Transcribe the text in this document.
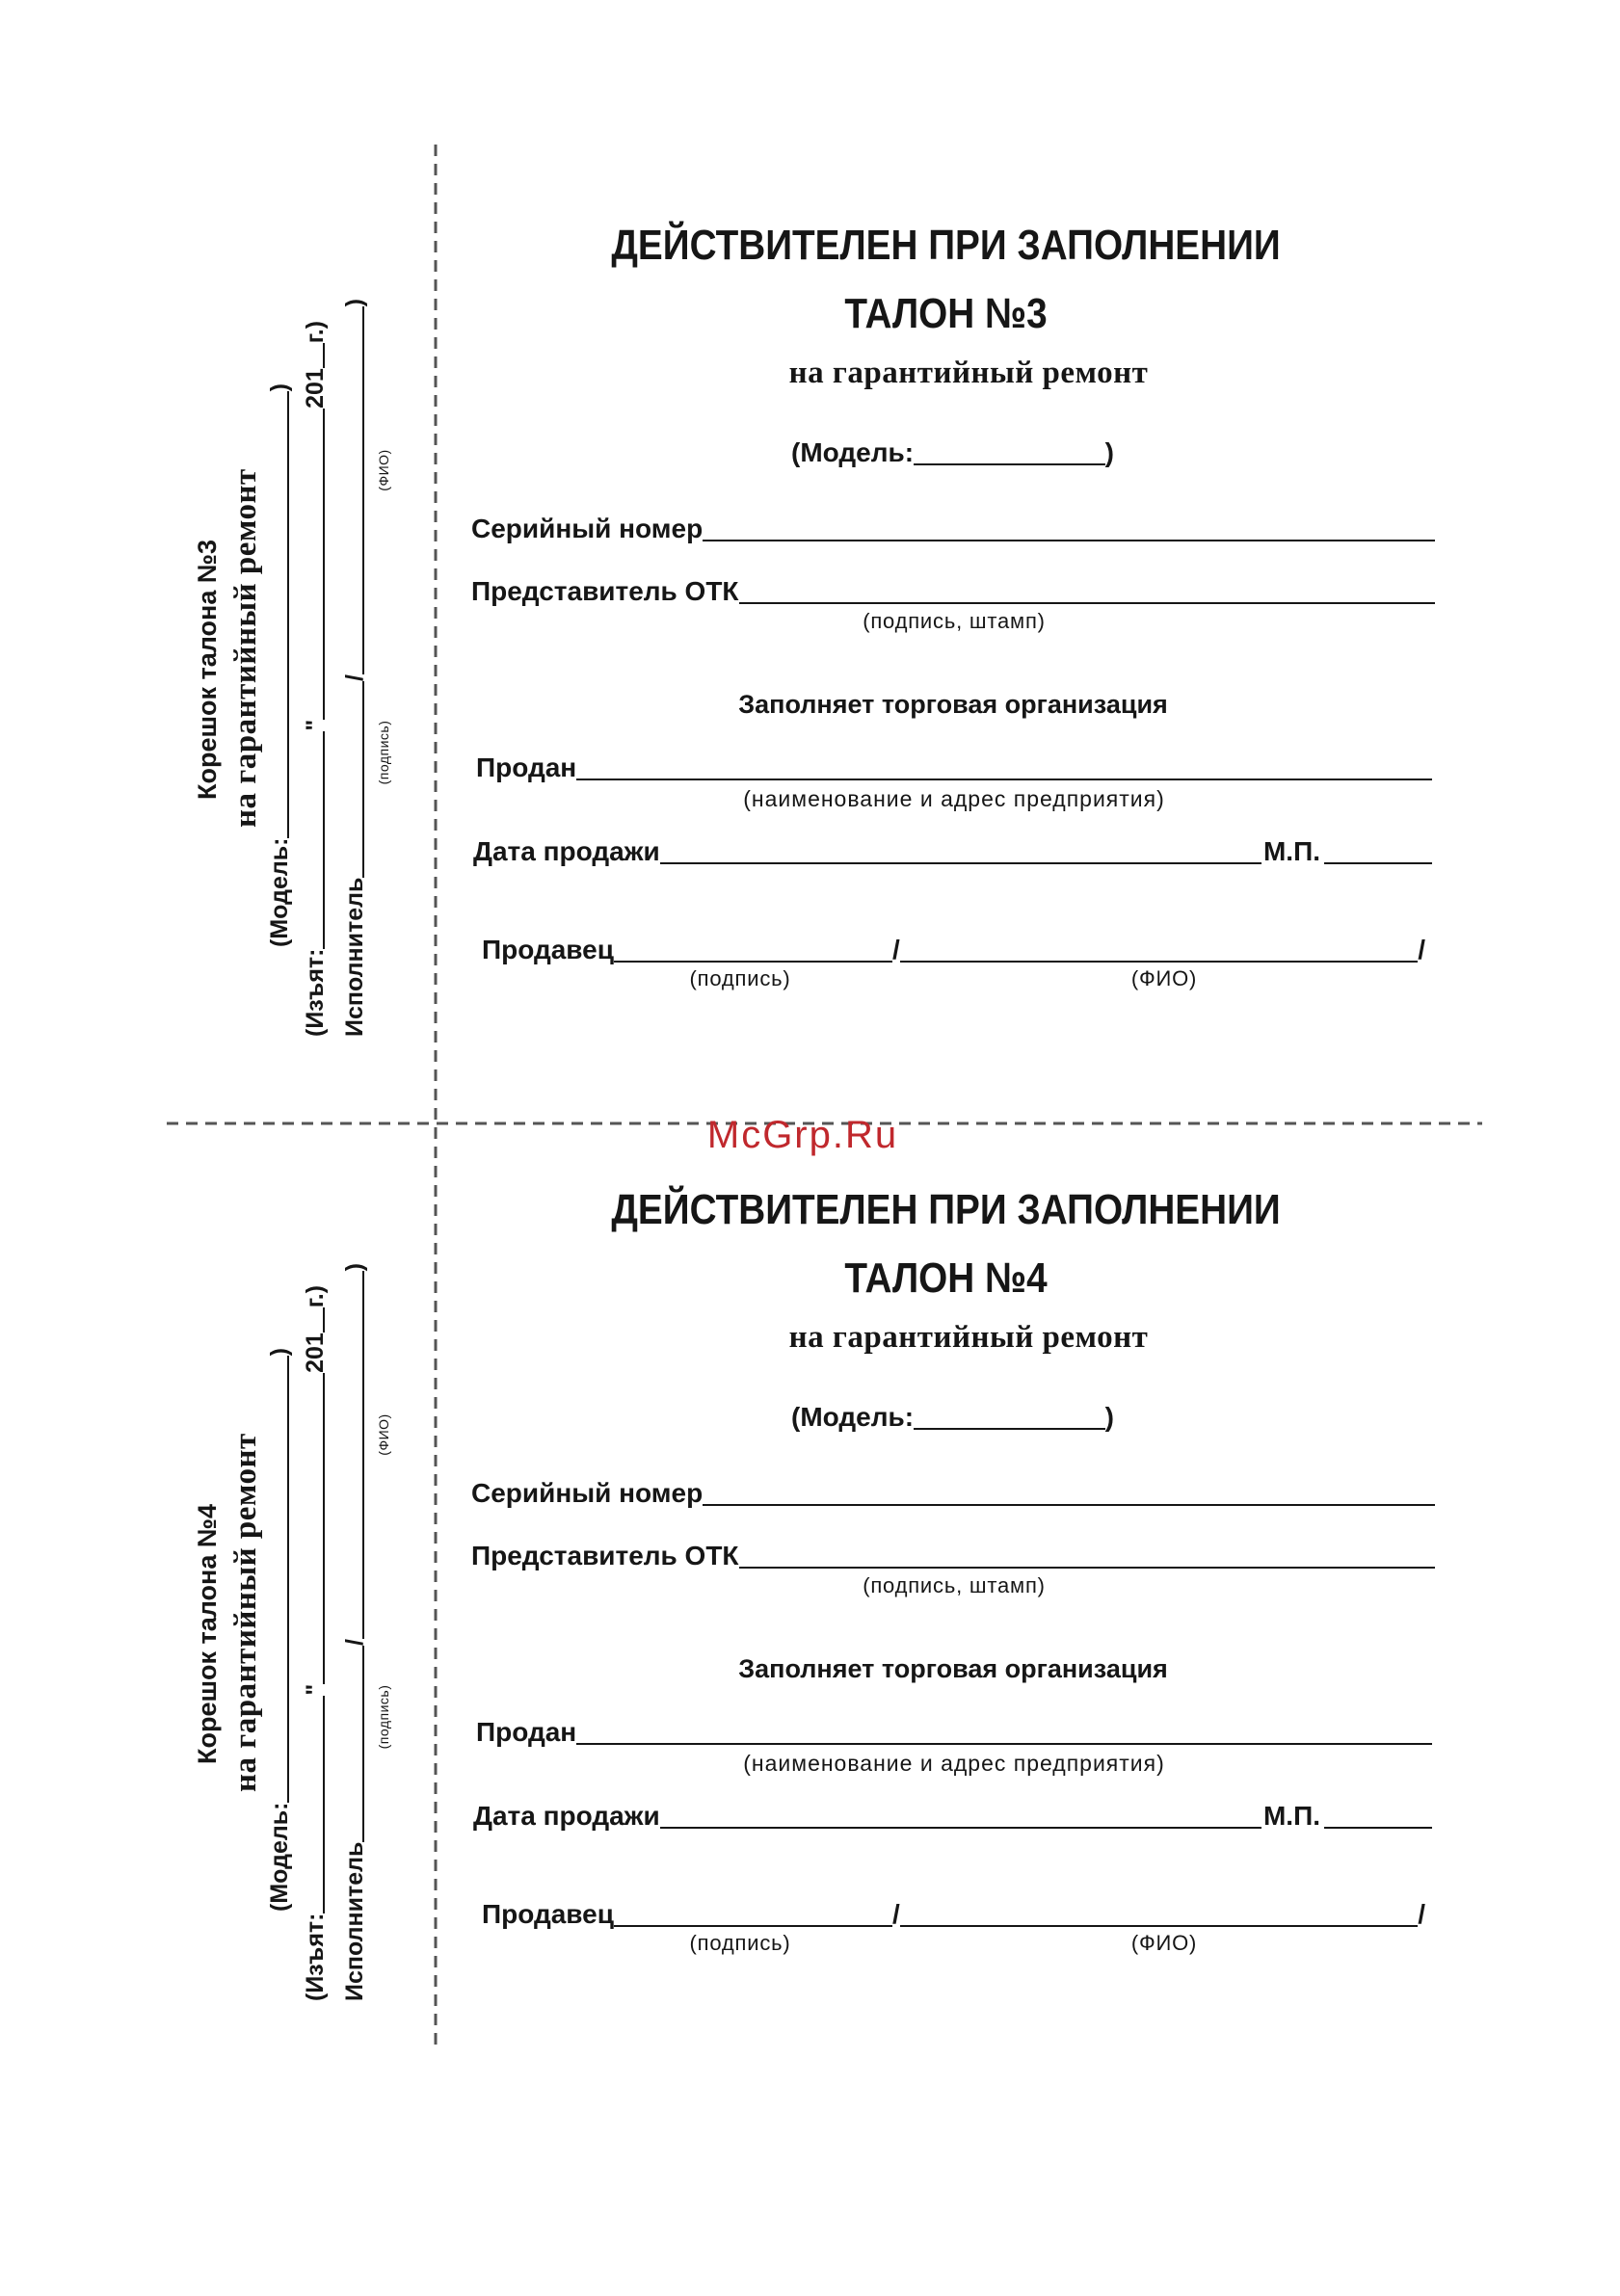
Корешок талона №3 на гарантийный ремонт
(Модель:
)
(Изъят:
"
201
г.)
Исполнитель
/
)
(подпись)
(ФИО)
ДЕЙСТВИТЕЛЕН ПРИ ЗАПОЛНЕНИИ
ТАЛОН №3
на гарантийный ремонт
(Модель:	)
Серийный номер
Представитель ОТК
(подпись, штамп)
Заполняет торговая организация
Продан
(наименование и адрес предприятия)
Дата продажи	М.П.
Продавец	/	/
(подпись)	(ФИО)
Корешок талона №4 на гарантийный ремонт
(Модель:
)
(Изъят:
"
201
г.)
Исполнитель
/
)
(подпись)
(ФИО)
ДЕЙСТВИТЕЛЕН ПРИ ЗАПОЛНЕНИИ
ТАЛОН №4
на гарантийный ремонт
(Модель:	)
Серийный номер
Представитель ОТК
(подпись, штамп)
Заполняет торговая организация
Продан
(наименование и адрес предприятия)
Дата продажи	М.П.
Продавец	/	/
(подпись)	(ФИО)
McGrp.Ru
